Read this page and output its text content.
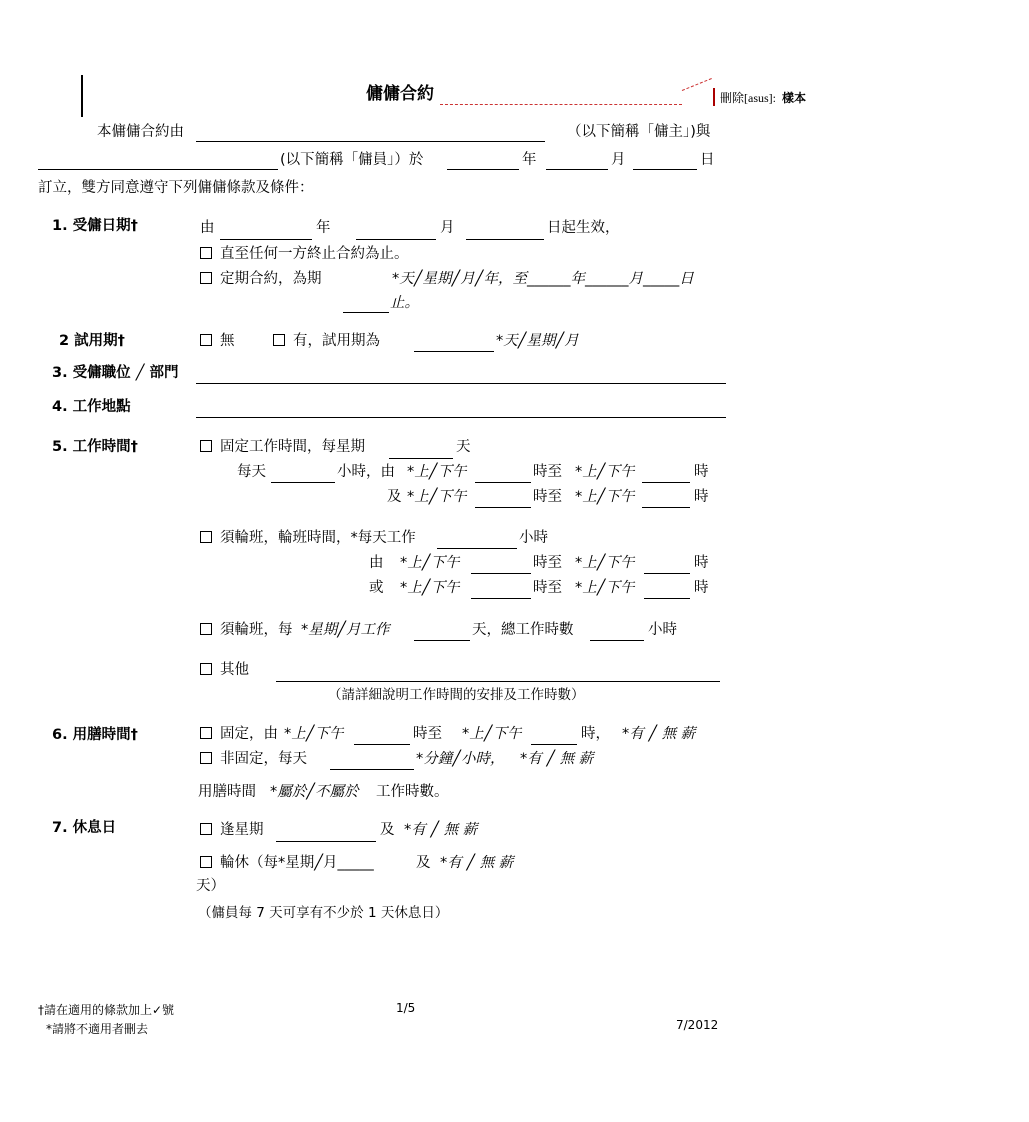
傭傭合約	刪除[asus]: 樣本
本傭傭合約由	（以下簡稱「傭主」)與
(以下簡稱「傭員」）於	年	月	日
訂立，雙方同意遵守下列傭傭條款及條件：
1. 受傭日期†	由	年	月	日起生效，
直至任何一方終止合約為止。
定期合約，為期	*天╱星期╱月╱年，至______年______月_____日
止。
2 試用期†	無	有，試用期為	*天╱星期╱月
3. 受傭職位 ╱ 部門
4. 工作地點
5. 工作時間†	固定工作時間，每星期	天
每天	小時，由 *上╱下午	時至 *上╱下午	時
及 *上╱下午	時至 *上╱下午	時
須輪班，輪班時間，*每天工作	小時
由 *上╱下午	時至 *上╱下午	時
或 *上╱下午	時至 *上╱下午	時
須輪班，每 *星期╱月工作	天，總工作時數	小時
其他
（請詳細說明工作時間的安排及工作時數）
6. 用膳時間†	固定，由 *上╱下午	時至 *上╱下午	時， *有 ╱ 無 薪
非固定，每天	*分鐘╱小時， *有 ╱ 無 薪
用膳時間 *屬於╱不屬於 工作時數。
7. 休息日	逢星期	及 *有 ╱ 無 薪
輪休（每*星期╱月_____	及 *有 ╱ 無 薪
天）
（傭員每 7 天可享有不少於 1 天休息日）
†請在適用的條款加上✓號
*請將不適用者刪去
1/5
7/2012
